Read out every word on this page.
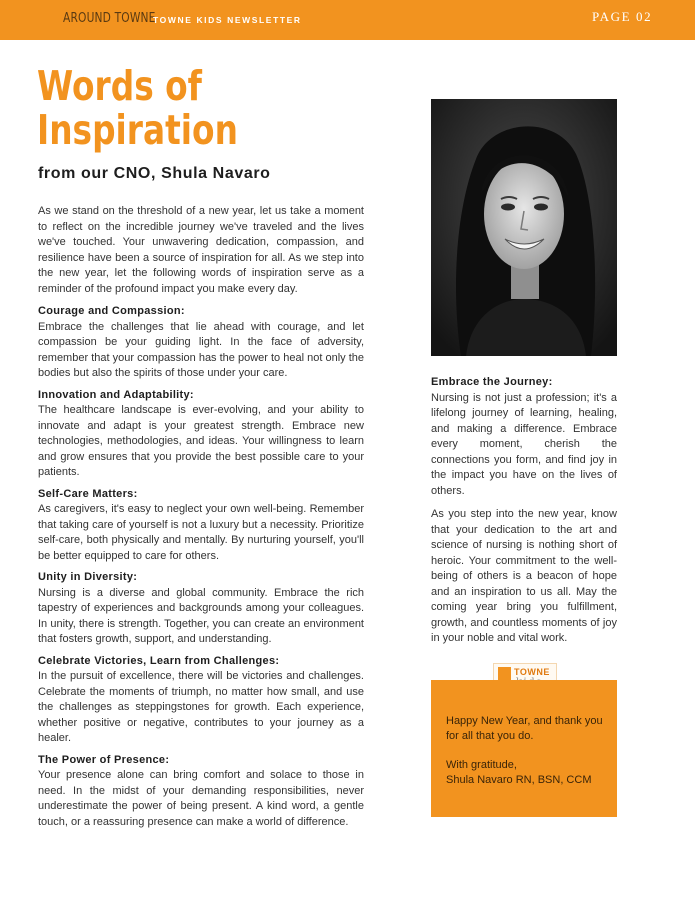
AROUND TOWNE
TOWNE KIDS NEWSLETTER	PAGE 02
Words of
Inspiration
from our CNO, Shula Navaro

As we stand on the threshold of a new year, let us take a moment to reflect on the incredible journey we've traveled and the lives we've touched. Your unwavering dedication, compassion, and resilience have been a source of inspiration for all. As we step into the new year, let the following words of inspiration serve as a reminder of the profound impact you make every day.

Courage and Compassion:

Embrace the challenges that lie ahead with courage, and let compassion be your guiding light. In the face of adversity, remember that your compassion has the power to heal not only the bodies but also the spirits of those under your care.

Innovation and Adaptability:

The healthcare landscape is ever-evolving, and your ability to innovate and adapt is your greatest strength. Embrace new technologies, methodologies, and ideas. Your willingness to learn and grow ensures that you provide the best possible care to your patients.

Self-Care Matters:

As caregivers, it's easy to neglect your own well-being. Remember that taking care of yourself is not a luxury but a necessity. Prioritize self-care, both physically and mentally. By nurturing yourself, you'll be better equipped to care for others.

Unity in Diversity:

Nursing is a diverse and global community. Embrace the rich tapestry of experiences and backgrounds among your colleagues. In unity, there is strength. Together, you can create an environment that fosters growth, support, and understanding.

Celebrate Victories, Learn from Challenges:

In the pursuit of excellence, there will be victories and challenges. Celebrate the moments of triumph, no matter how small, and use the challenges as steppingstones for growth. Each experience, whether positive or negative, contributes to your journey as a healer.

The Power of Presence:

Your presence alone can bring comfort and solace to those in need. In the midst of your demanding responsibilities, never underestimate the power of being present. A kind word, a gentle touch, or a reassuring presence can make a world of difference.

Embrace the Journey:

Nursing is not just a profession; it's a lifelong journey of learning, healing, and making a difference. Embrace every moment, cherish the connections you form, and find joy in the impact you have on the lives of others.

As you step into the new year, know that your dedication to the art and science of nursing is nothing short of heroic. Your commitment to the well-being of others is a beacon of hope and an inspiration to us all. May the coming year bring you fulfillment, growth, and countless moments of joy in your noble and vital work.

TOWNE

Happy New Year, and thank you for all that you do.

With gratitude,

Shula Navaro RN, BSN, CCM
